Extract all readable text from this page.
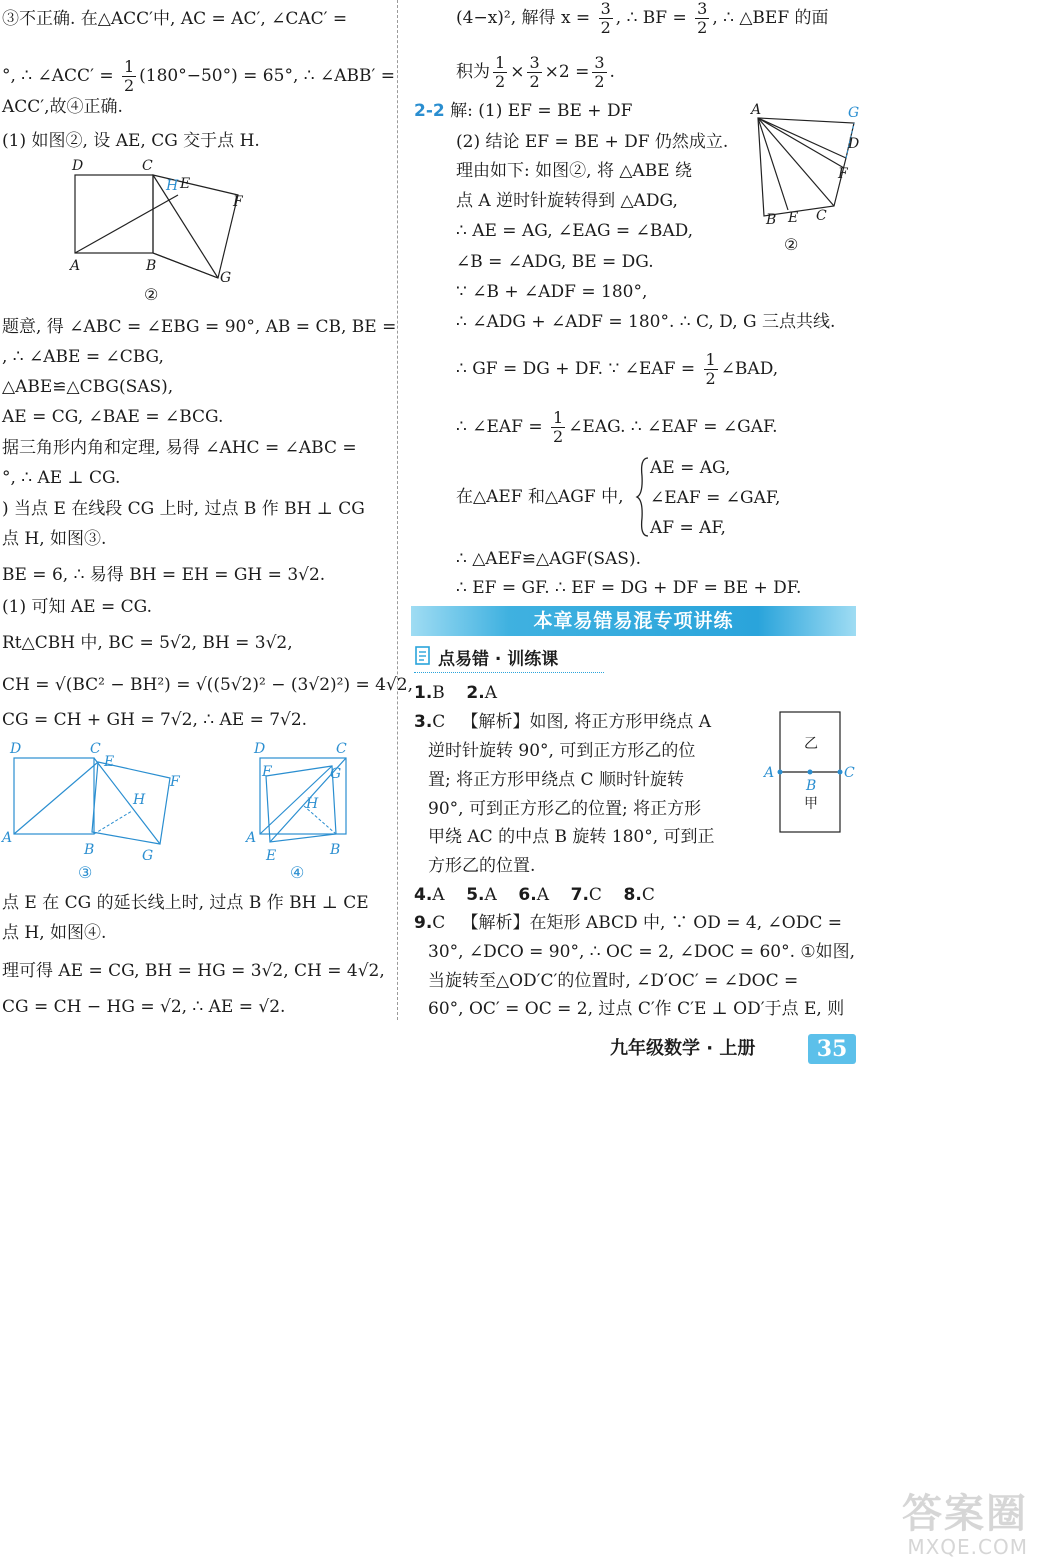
③不正确. 在△ACC′中, AC = AC′, ∠CAC′ =
°, ∴ ∠ACC′ = $\frac{1}{2} (180^\circ-50^\circ) = 65^\circ$, ∴ ∠ABB′ =
ACC′,故④正确.
(1) 如图②, 设 AE, CG 交于点 H.
D	C
H E
F
A	B
G
②
题意, 得 ∠ABC = ∠EBG = 90°, AB = CB, BE =
, ∴ ∠ABE = ∠CBG,
△ABE≌△CBG(SAS),
AE = CG, ∠BAE = ∠BCG.
据三角形内角和定理, 易得 ∠AHC = ∠ABC =
°, ∴ AE ⊥ CG.
) 当点 E 在线段 CG 上时, 过点 B 作 BH ⊥ CG
点 H, 如图③.
BE = 6, ∴ 易得 BH = EH = GH = 3√2.
(1) 可知 AE = CG.
Rt△CBH 中, BC = 5√2, BH = 3√2,
CH = √(BC² − BH²) = √((5√2)² − (3√2)²) = 4√2,
CG = CH + GH = 7√2, ∴ AE = 7√2.
D	C
E
F
H
A
B	G
③
D	C
F	G
H
A
E	B
④
点 E 在 CG 的延长线上时, 过点 B 作 BH ⊥ CE
点 H, 如图④.
理可得 AE = CG, BH = HG = 3√2, CH = 4√2,
CG = CH − HG = √2, ∴ AE = √2.
(4−x)², 解得 $x = \frac{3}{2}$ , ∴ BF = $\frac{3}{2}$ , ∴ △BEF 的面
积为 $\frac{1}{2} \times \frac{3}{2} \times 2 = \frac{3}{2}$ .
2-2 解: (1) EF = BE + DF
(2) 结论 EF = BE + DF 仍然成立.
理由如下: 如图②, 将 △ABE 绕
点 A 逆时针旋转得到 △ADG,
∴ AE = AG, ∠EAG = ∠BAD,
∠B = ∠ADG, BE = DG.
∵ ∠B + ∠ADF = 180°,
∴ ∠ADG + ∠ADF = 180°. ∴ C, D, G 三点共线.
A	G
D
F
B E C
②
∴ GF = DG + DF. ∵ ∠EAF = $\frac{1}{2}$ ∠BAD,
∴ ∠EAF = $\frac{1}{2}$ ∠EAG. ∴ ∠EAF = ∠GAF.
在△AEF 和△AGF 中,
AE = AG,
∠EAF = ∠GAF,
AF = AF,
∴ △AEF≌△AGF(SAS).
∴ EF = GF. ∴ EF = DG + DF = BE + DF.
本章易错易混专项讲练
点易错 · 训练课
1.B 2.A
3.C 【解析】如图, 将正方形甲绕点 A
逆时针旋转 90°, 可到正方形乙的位
置; 将正方形甲绕点 C 顺时针旋转
90°, 可到正方形乙的位置; 将正方形
甲绕 AC 的中点 B 旋转 180°, 可到正
方形乙的位置.
乙
A
B
C
甲
4.A 5.A 6.A 7.C 8.C
9.C 【解析】在矩形 ABCD 中, ∵ OD = 4, ∠ODC =
30°, ∠DCO = 90°, ∴ OC = 2, ∠DOC = 60°. ①如图,
当旋转至△OD′C′的位置时, ∠D′OC′ = ∠DOC =
60°, OC′ = OC = 2, 过点 C′作 C′E ⊥ OD′于点 E, 则
九年级数学 · 上册	35
答案圈
MXQE.COM
